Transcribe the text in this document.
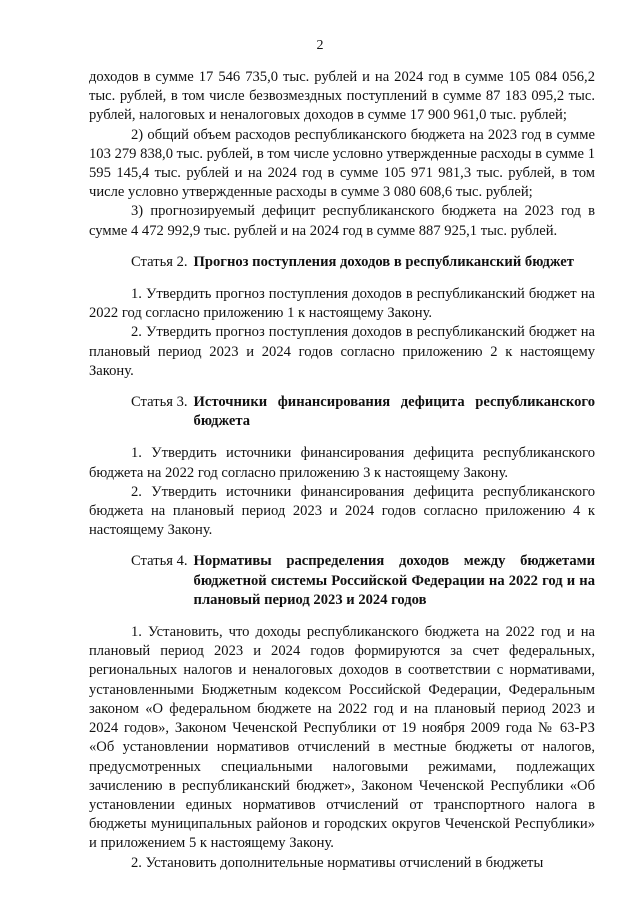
2

доходов в сумме 17 546 735,0 тыс. рублей и на 2024 год в сумме 105 084 056,2 тыс. рублей, в том числе безвозмездных поступлений в сумме 87 183 095,2 тыс. рублей, налоговых и неналоговых доходов в сумме 17 900 961,0 тыс. рублей;

2) общий объем расходов республиканского бюджета на 2023 год в сумме 103 279 838,0 тыс. рублей, в том числе условно утвержденные расходы в сумме 1 595 145,4 тыс. рублей и на 2024 год в сумме 105 971 981,3 тыс. рублей, в том числе условно утвержденные расходы в сумме 3 080 608,6 тыс. рублей;

3) прогнозируемый дефицит республиканского бюджета на 2023 год в сумме 4 472 992,9 тыс. рублей и на 2024 год в сумме 887 925,1 тыс. рублей.

Статья 2. Прогноз поступления доходов в республиканский бюджет

1. Утвердить прогноз поступления доходов в республиканский бюджет на 2022 год согласно приложению 1 к настоящему Закону.

2. Утвердить прогноз поступления доходов в республиканский бюджет на плановый период 2023 и 2024 годов согласно приложению 2 к настоящему Закону.

Статья 3. Источники финансирования дефицита республиканского бюджета

1. Утвердить источники финансирования дефицита республиканского бюджета на 2022 год согласно приложению 3 к настоящему Закону.

2. Утвердить источники финансирования дефицита республиканского бюджета на плановый период 2023 и 2024 годов согласно приложению 4 к настоящему Закону.

Статья 4. Нормативы распределения доходов между бюджетами бюджетной системы Российской Федерации на 2022 год и на плановый период 2023 и 2024 годов

1. Установить, что доходы республиканского бюджета на 2022 год и на плановый период 2023 и 2024 годов формируются за счет федеральных, региональных налогов и неналоговых доходов в соответствии с нормативами, установленными Бюджетным кодексом Российской Федерации, Федеральным законом «О федеральном бюджете на 2022 год и на плановый период 2023 и 2024 годов», Законом Чеченской Республики от 19 ноября 2009 года № 63-РЗ «Об установлении нормативов отчислений в местные бюджеты от налогов, предусмотренных специальными налоговыми режимами, подлежащих зачислению в республиканский бюджет», Законом Чеченской Республики «Об установлении единых нормативов отчислений от транспортного налога в бюджеты муниципальных районов и городских округов Чеченской Республики» и приложением 5 к настоящему Закону.

2. Установить дополнительные нормативы отчислений в бюджеты
